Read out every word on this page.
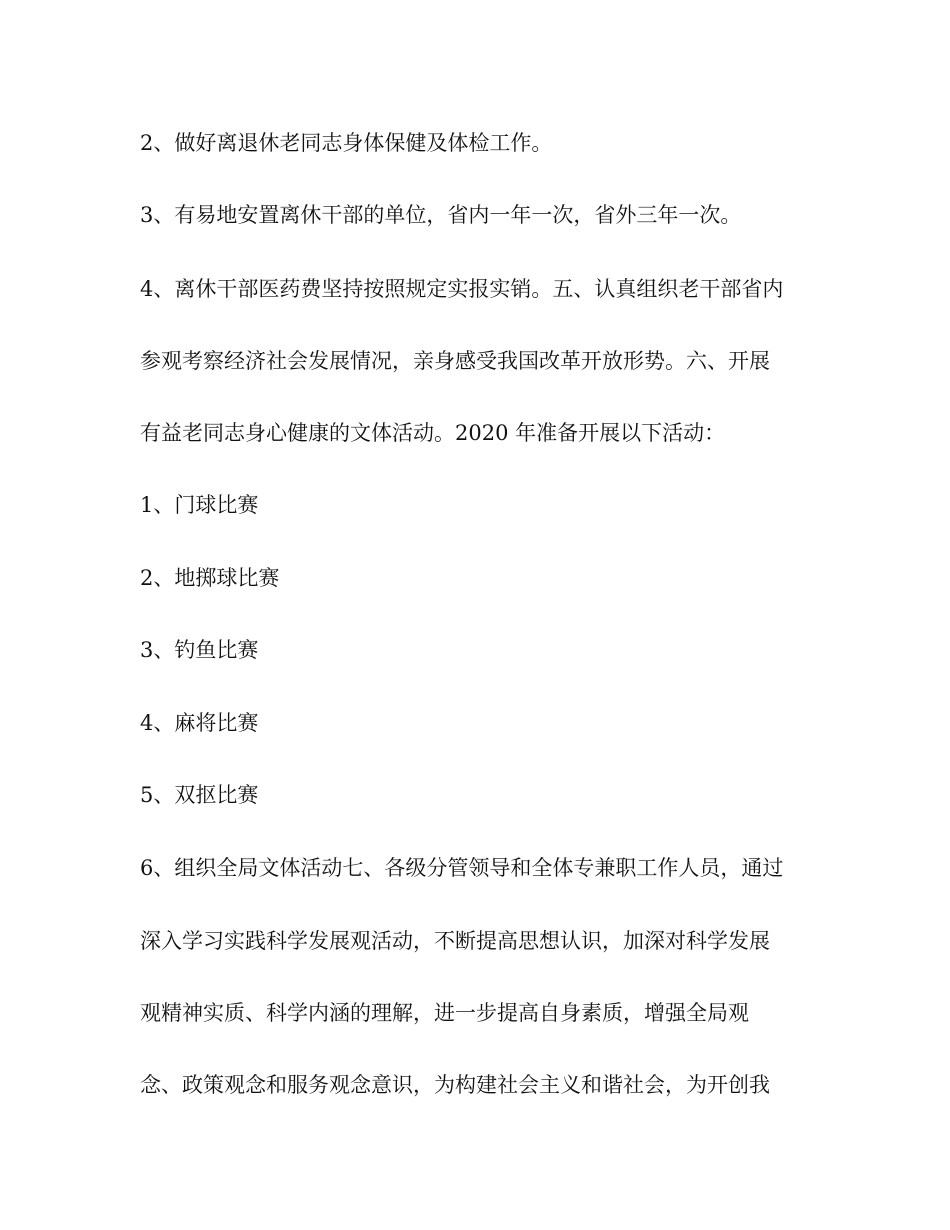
2、做好离退休老同志身体保健及体检工作。
3、有易地安置离休干部的单位，省内一年一次，省外三年一次。
4、离休干部医药费坚持按照规定实报实销。五、认真组织老干部省内
参观考察经济社会发展情况，亲身感受我国改革开放形势。六、开展
有益老同志身心健康的文体活动。2020 年准备开展以下活动：
1、门球比赛
2、地掷球比赛
3、钓鱼比赛
4、麻将比赛
5、双抠比赛
6、组织全局文体活动七、各级分管领导和全体专兼职工作人员，通过
深入学习实践科学发展观活动，不断提高思想认识，加深对科学发展
观精神实质、科学内涵的理解，进一步提高自身素质，增强全局观
念、政策观念和服务观念意识，为构建社会主义和谐社会，为开创我
